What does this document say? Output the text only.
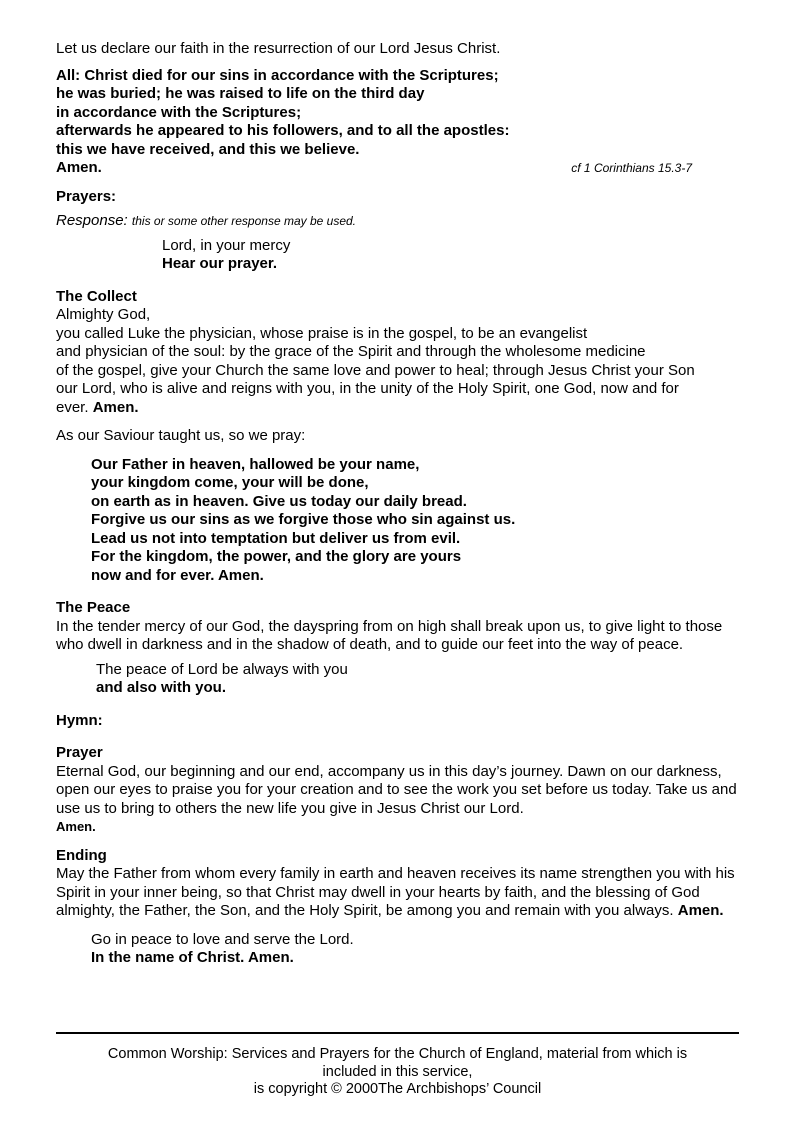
Let us declare our faith in the resurrection of our Lord Jesus Christ.

All: Christ died for our sins in accordance with the Scriptures;

he was buried; he was raised to life on the third day

in accordance with the Scriptures;

afterwards he appeared to his followers, and to all the apostles:

this we have received, and this we believe.

Amen.	cf 1 Corinthians 15.3-7

Prayers:

Response: this or some other response may be used.

Lord, in your mercy

Hear our prayer.

The Collect

Almighty God,

you called Luke the physician, whose praise is in the gospel, to be an evangelist

and physician of the soul: by the grace of the Spirit and through the wholesome medicine

of the gospel, give your Church the same love and power to heal; through Jesus Christ your Son

our Lord, who is alive and reigns with you, in the unity of the Holy Spirit, one God, now and for

ever. Amen.

As our Saviour taught us, so we pray:

Our Father in heaven, hallowed be your name,

your kingdom come, your will be done,

on earth as in heaven. Give us today our daily bread.

Forgive us our sins as we forgive those who sin against us.

Lead us not into temptation but deliver us from evil.

For the kingdom, the power, and the glory are yours

now and for ever. Amen.

The Peace

In the tender mercy of our God, the dayspring from on high shall break upon us, to give light to those who dwell in darkness and in the shadow of death, and to guide our feet into the way of peace.

The peace of Lord be always with you

and also with you.

Hymn:

Prayer

Eternal God, our beginning and our end, accompany us in this day’s journey. Dawn on our darkness, open our eyes to praise you for your creation and to see the work you set before us today. Take us and use us to bring to others the new life you give in Jesus Christ our Lord.

Amen.

Ending

May the Father from whom every family in earth and heaven receives its name strengthen you with his Spirit in your inner being, so that Christ may dwell in your hearts by faith, and the blessing of God almighty, the Father, the Son, and the Holy Spirit, be among you and remain with you always. Amen.

Go in peace to love and serve the Lord.

In the name of Christ. Amen.

Common Worship: Services and Prayers for the Church of England, material from which is
included in this service,
is copyright © 2000The Archbishops’ Council
